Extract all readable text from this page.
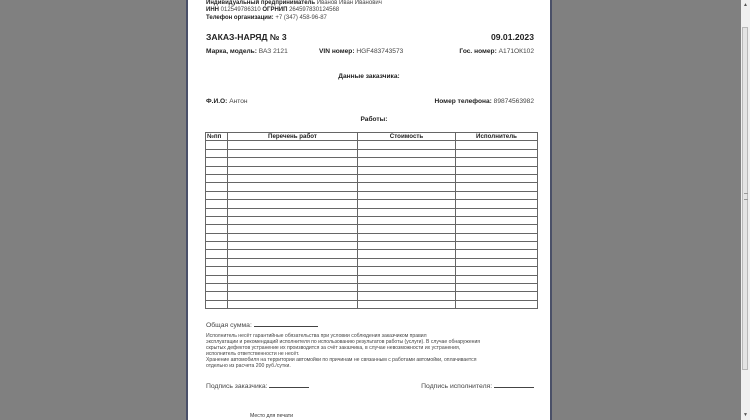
Индивидуальный предприниматель Иванов Иван Иванович
ИНН 012549786310 ОГРНИП 264597830124568
Телефон организации: +7 (347) 458-96-87
ЗАКАЗ-НАРЯД № 3	09.01.2023
Марка, модель: ВАЗ 2121	VIN номер: HGF483743573	Гос. номер: А171ОК102
Данные заказчика:
Ф.И.О: Антон	Номер телефона: 89874563982
Работы:
№пп	Перечень работ	Стоимость	Исполнитель

Общая сумма:
Исполнитель несёт гарантийные обязательства при условии соблюдения заказчиком правил
эксплуатации и рекомендаций исполнителя по использованию результатов работы (услуги). В случае обнаружения
скрытых дефектов устранение их производится за счёт заказчика, в случае невозможности их устранения,
исполнитель ответственности не несёт.
Хранение автомобиля на территории автомойки по причинам не связанным с работами автомойки, оплачивается
отдельно из расчета 200 руб./сутки.
Подпись заказчика:	Подпись исполнителя:
Место для печати
▲
▼
